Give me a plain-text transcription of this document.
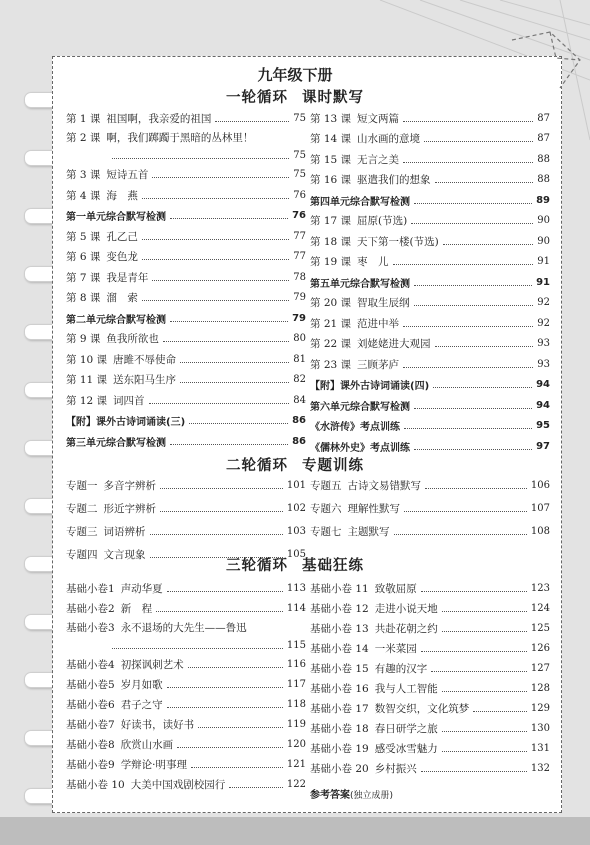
九年级下册
一轮循环 课时默写
第 1 课 祖国啊，我亲爱的祖国	75
第 2 课 啊，我们踯躅于黑暗的丛林里！
75
第 3 课 短诗五首	75
第 4 课 海　燕	76
第一单元综合默写检测	76
第 5 课 孔乙己	77
第 6 课 变色龙	77
第 7 课 我是青年	78
第 8 课 溜　索	79
第二单元综合默写检测	79
第 9 课 鱼我所欲也	80
第 10 课 唐雎不辱使命	81
第 11 课 送东阳马生序	82
第 12 课 词四首	84
【附】课外古诗词诵读(三)	86
第三单元综合默写检测	86
第 13 课 短文两篇	87
第 14 课 山水画的意境	87
第 15 课 无言之美	88
第 16 课 驱遣我们的想象	88
第四单元综合默写检测	89
第 17 课 屈原(节选)	90
第 18 课 天下第一楼(节选)	90
第 19 课 枣　儿	91
第五单元综合默写检测	91
第 20 课 智取生辰纲	92
第 21 课 范进中举	92
第 22 课 刘姥姥进大观园	93
第 23 课 三顾茅庐	93
【附】课外古诗词诵读(四)	94
第六单元综合默写检测	94
《水浒传》考点训练	95
《儒林外史》考点训练	97
二轮循环 专题训练
专题一 多音字辨析	101
专题二 形近字辨析	102
专题三 词语辨析	103
专题四 文言现象	105
专题五 古诗文易错默写	106
专题六 理解性默写	107
专题七 主题默写	108
三轮循环 基础狂练
基础小卷1 声动华夏	113
基础小卷2 新　程	114
基础小卷3 永不退场的大先生——鲁迅
115
基础小卷4 初探讽刺艺术	116
基础小卷5 岁月如歌	117
基础小卷6 君子之守	118
基础小卷7 好读书，读好书	119
基础小卷8 欣赏山水画	120
基础小卷9 学辩论·明事理	121
基础小卷 10 大美中国戏剧校园行	122
基础小卷 11 致敬屈原	123
基础小卷 12 走进小说天地	124
基础小卷 13 共赴花朝之约	125
基础小卷 14 一米菜园	126
基础小卷 15 有趣的汉字	127
基础小卷 16 我与人工智能	128
基础小卷 17 数智交织，文化筑梦	129
基础小卷 18 春日研学之旅	130
基础小卷 19 感受冰雪魅力	131
基础小卷 20 乡村振兴	132
参考答案(独立成册)
